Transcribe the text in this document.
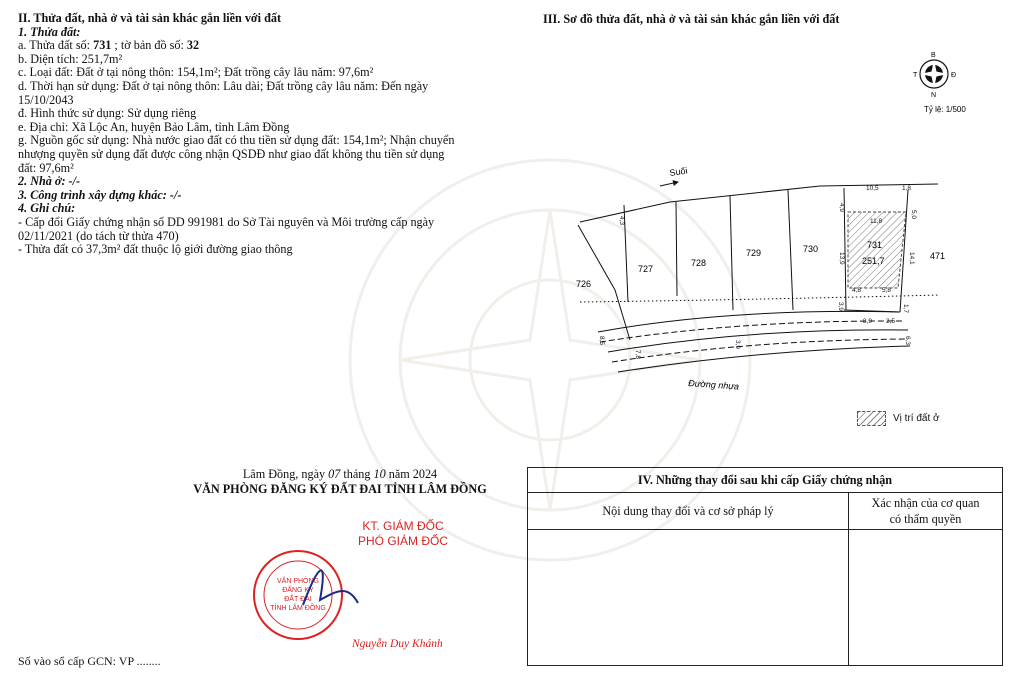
II. Thửa đất, nhà ở và tài sản khác gắn liền với đất
1. Thửa đất:
a. Thửa đất số: 731 ; tờ bản đồ số: 32
b. Diện tích: 251,7m²
c. Loại đất: Đất ở tại nông thôn: 154,1m²; Đất trồng cây lâu năm: 97,6m²
d. Thời hạn sử dụng: Đất ở tại nông thôn: Lâu dài; Đất trồng cây lâu năm: Đến ngày
15/10/2043
đ. Hình thức sử dụng: Sử dụng riêng
e. Địa chỉ: Xã Lộc An, huyện Bảo Lâm, tỉnh Lâm Đồng
g. Nguồn gốc sử dụng: Nhà nước giao đất có thu tiền sử dụng đất: 154,1m²; Nhận chuyển
nhượng quyền sử dụng đất được công nhận QSDĐ như giao đất không thu tiền sử dụng
đất: 97,6m²
2. Nhà ở: -/-
3. Công trình xây dựng khác: -/-
4. Ghi chú:
- Cấp đổi Giấy chứng nhận số DD 991981 do Sở Tài nguyên và Môi trường cấp ngày
02/11/2021 (do tách từ thửa 470)
- Thửa đất có 37,3m² đất thuộc lộ giới đường giao thông
III. Sơ đồ thửa đất, nhà ở và tài sản khác gắn liền với đất
B
N
T	Đ
Tỷ lệ: 1/500
Suối
Đường nhựa
726
727
728
729	730	731
251,7	471
10,5	1,8
5,0
4,9
11,8
13,9	14,1
4,8	5,8
3,9	1,7
8,9 2,5
6,3
3,9
7,8
8,5
4,3
Vị trí đất ở
Lâm Đồng, ngày 07 tháng 10 năm 2024
VĂN PHÒNG ĐĂNG KÝ ĐẤT ĐAI TỈNH LÂM ĐỒNG
KT. GIÁM ĐỐC
PHÓ GIÁM ĐỐC
VĂN PHÒNG
ĐĂNG KÝ
ĐẤT ĐAI
TỈNH LÂM ĐỒNG
Nguyễn Duy Khánh
Số vào sổ cấp GCN: VP ........
IV. Những thay đổi sau khi cấp Giấy chứng nhận	
Nội dung thay đổi và cơ sở pháp lý	Xác nhận của cơ quan
có thẩm quyền
